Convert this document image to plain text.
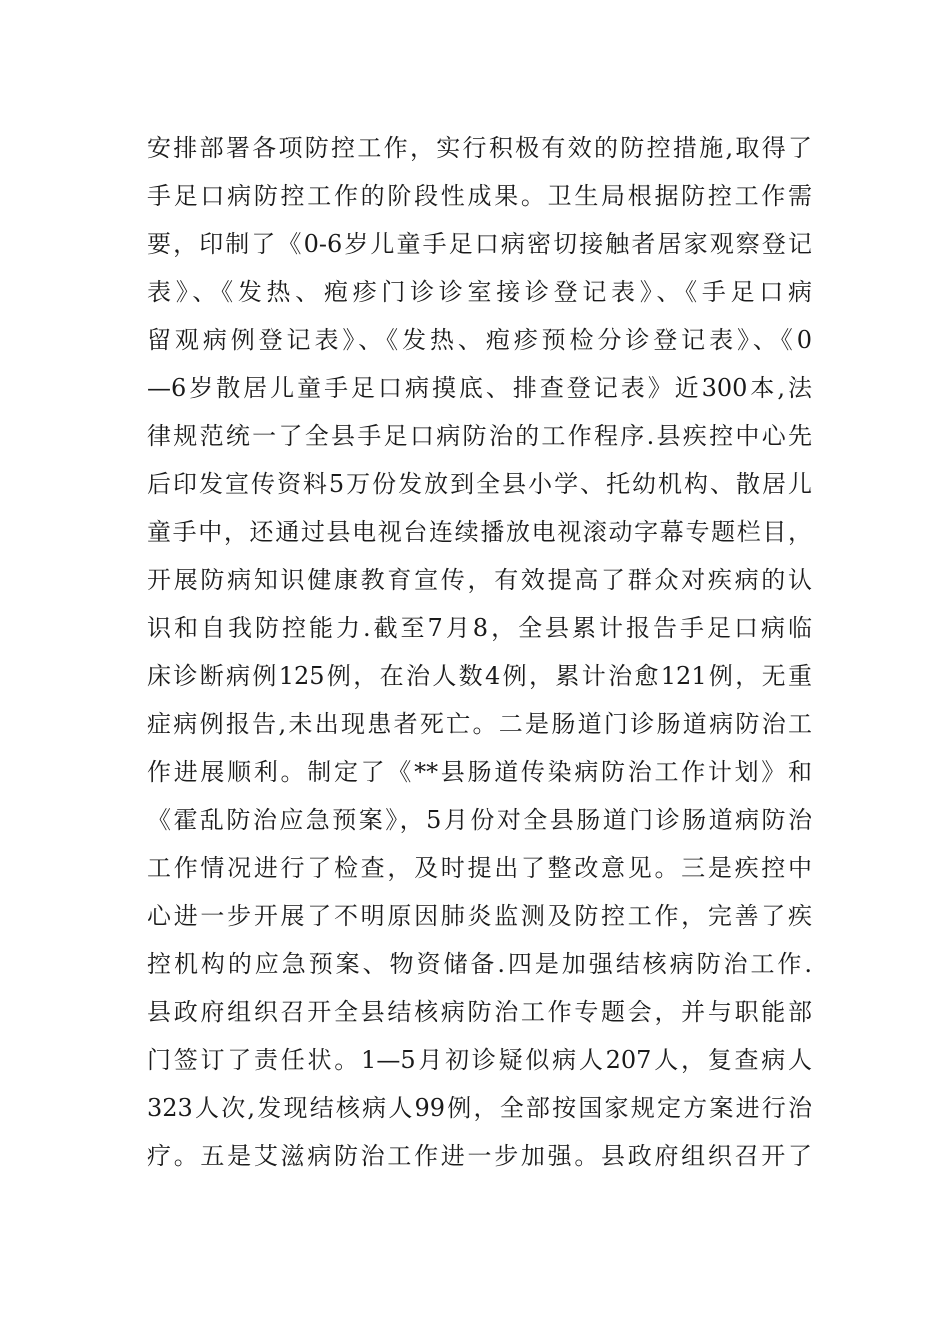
安排部署各项防控工作，实行积极有效的防控措施,取得了
手足口病防控工作的阶段性成果。卫生局根据防控工作需
要，印制了《0-6岁儿童手足口病密切接触者居家观察登记
表》、《发热、疱疹门诊诊室接诊登记表》、《手足口病
留观病例登记表》、《发热、疱疹预检分诊登记表》、《0
—6岁散居儿童手足口病摸底、排查登记表》近300本,法
律规范统一了全县手足口病防治的工作程序.县疾控中心先
后印发宣传资料5万份发放到全县小学、托幼机构、散居儿
童手中，还通过县电视台连续播放电视滚动字幕专题栏目，
开展防病知识健康教育宣传，有效提高了群众对疾病的认
识和自我防控能力.截至7月8，全县累计报告手足口病临
床诊断病例125例，在治人数4例，累计治愈121例，无重
症病例报告,未出现患者死亡。二是肠道门诊肠道病防治工
作进展顺利。制定了《**县肠道传染病防治工作计划》和
《霍乱防治应急预案》，5月份对全县肠道门诊肠道病防治
工作情况进行了检查，及时提出了整改意见。三是疾控中
心进一步开展了不明原因肺炎监测及防控工作，完善了疾
控机构的应急预案、物资储备.四是加强结核病防治工作.
县政府组织召开全县结核病防治工作专题会，并与职能部
门签订了责任状。1—5月初诊疑似病人207人，复查病人
323人次,发现结核病人99例，全部按国家规定方案进行治
疗。五是艾滋病防治工作进一步加强。县政府组织召开了
